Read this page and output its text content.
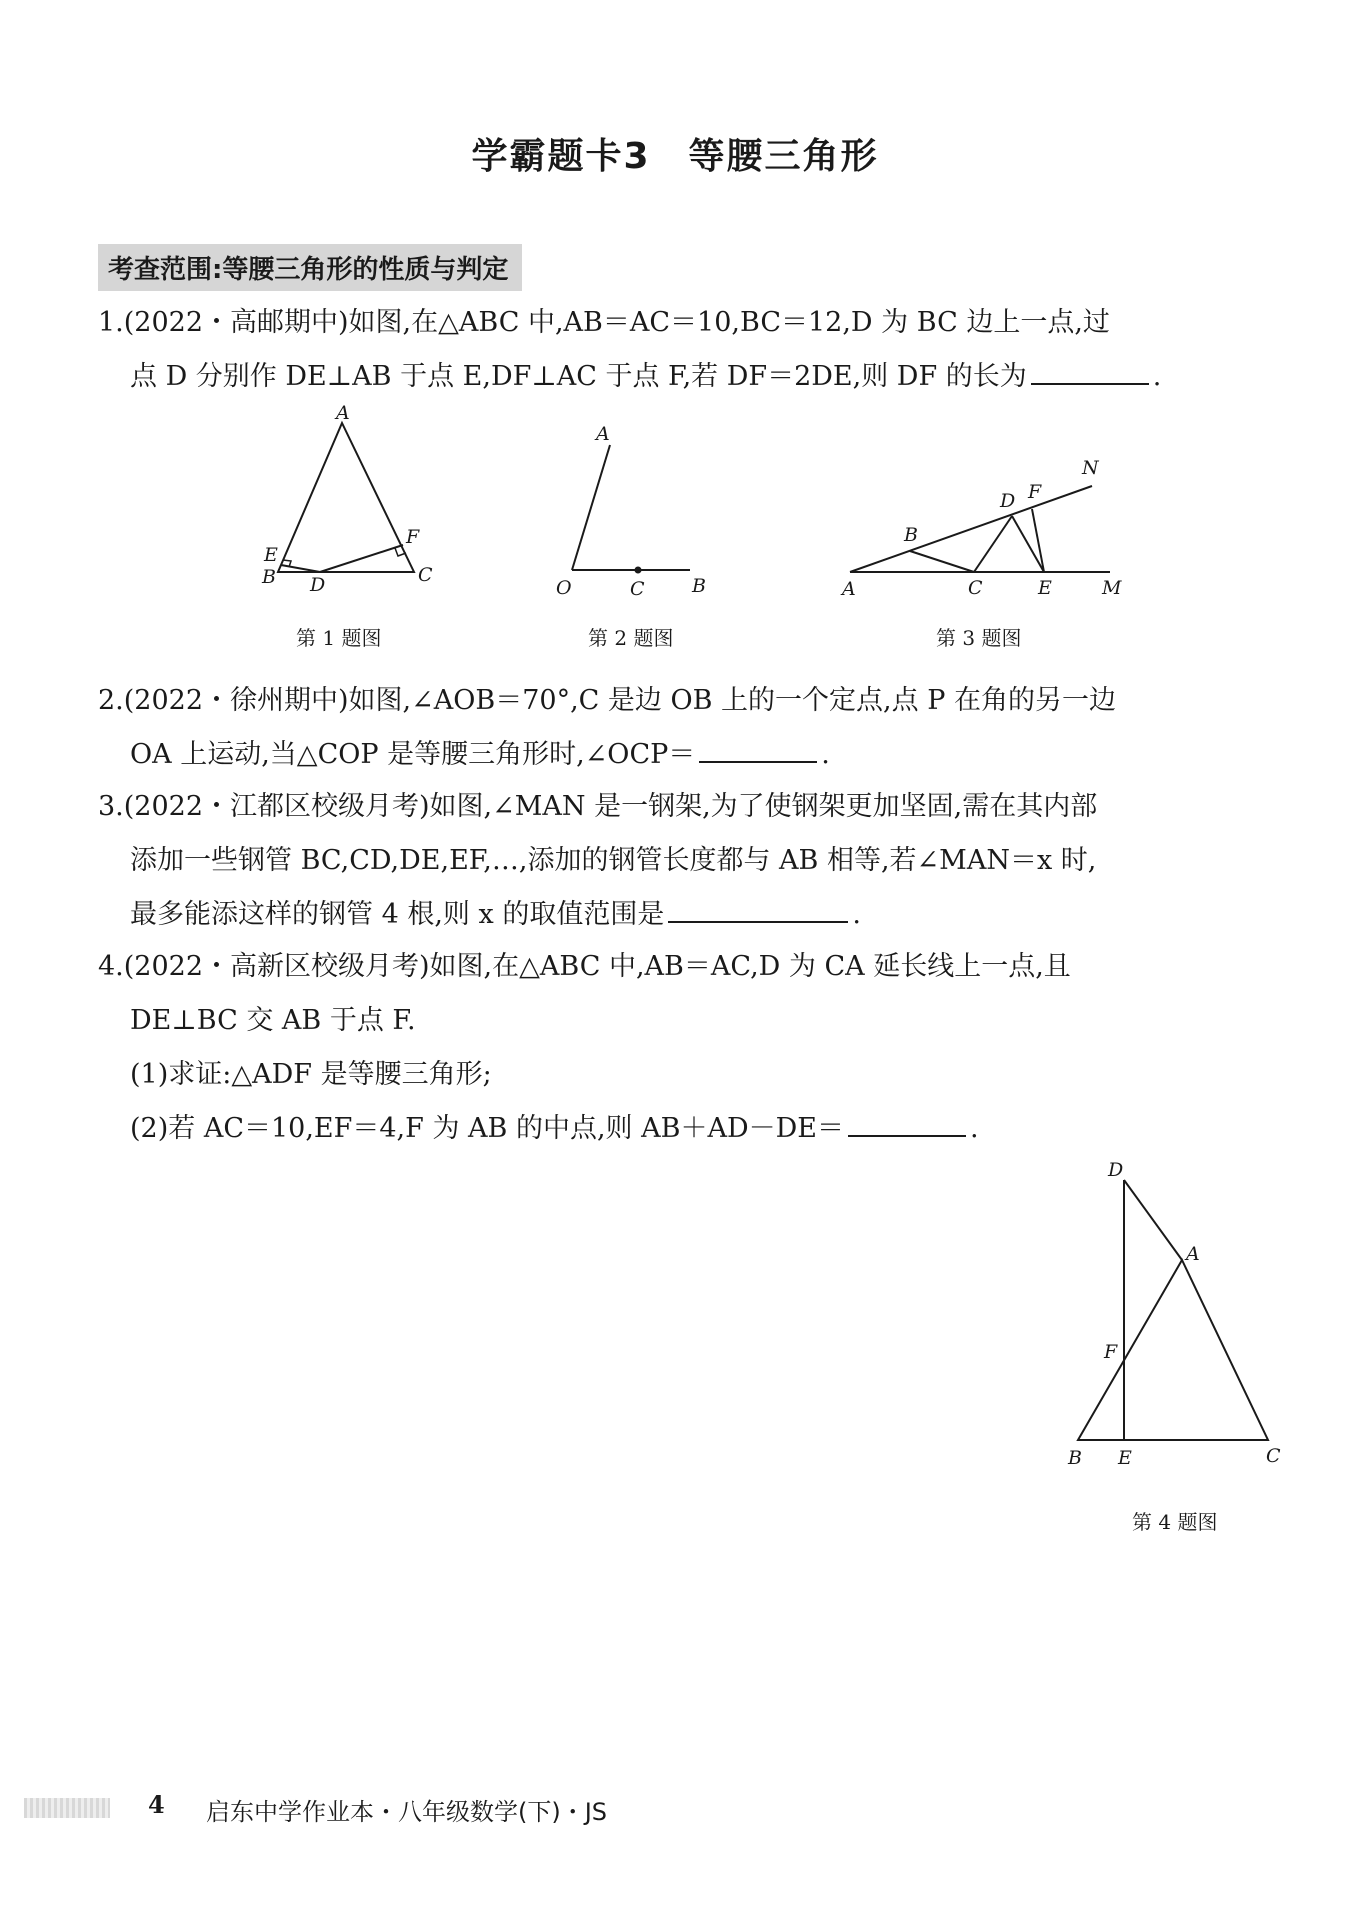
学霸题卡3　等腰三角形
考查范围:等腰三角形的性质与判定
1.(2022・高邮期中)如图,在△ABC 中,AB＝AC＝10,BC＝12,D 为 BC 边上一点,过
点 D 分别作 DE⊥AB 于点 E,DF⊥AC 于点 F,若 DF＝2DE,则 DF 的长为	.
A
B	C
D
E
F
第 1 题图
A
O	C B
第 2 题图
A
B
C
D
E
F
M
N
第 3 题图
2.(2022・徐州期中)如图,∠AOB＝70°,C 是边 OB 上的一个定点,点 P 在角的另一边
OA 上运动,当△COP 是等腰三角形时,∠OCP＝	.
3.(2022・江都区校级月考)如图,∠MAN 是一钢架,为了使钢架更加坚固,需在其内部
添加一些钢管 BC,CD,DE,EF,…,添加的钢管长度都与 AB 相等,若∠MAN＝x 时,
最多能添这样的钢管 4 根,则 x 的取值范围是	.
4.(2022・高新区校级月考)如图,在△ABC 中,AB＝AC,D 为 CA 延长线上一点,且
DE⊥BC 交 AB 于点 F.
(1)求证:△ADF 是等腰三角形;
(2)若 AC＝10,EF＝4,F 为 AB 的中点,则 AB＋AD－DE＝	.
D
A
F
B E	C
第 4 题图
4 启东中学作业本・八年级数学(下)・JS
